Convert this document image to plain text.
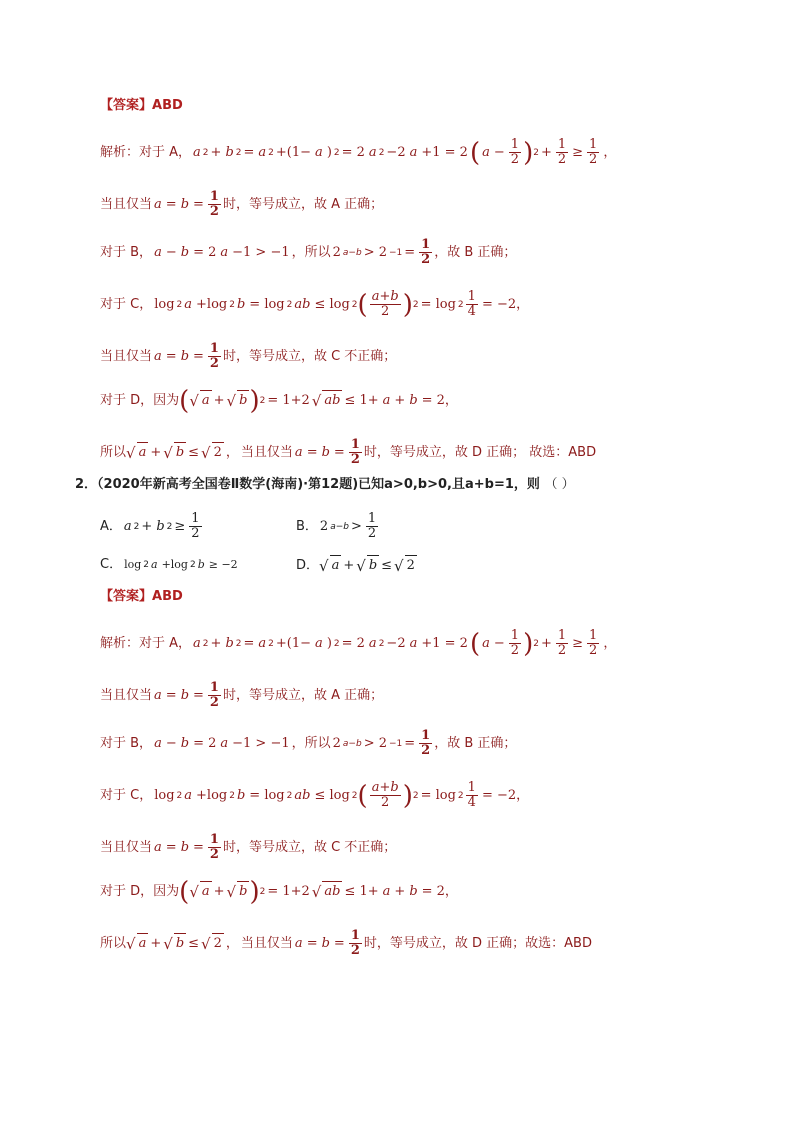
【答案】 ABD
解析：对于 A， a 2 + b 2 = a 2 +(1− a ) 2 = 2 a 2 −2 a +1 = 2 ( $a - \frac{1}{2}$ ) $2 + \frac{1}{2} \ge \frac{1}{2}$ ，
当且仅当 $a = b = \frac{1}{2}$ 时，等号成立，故 A 正确；
对于 B， a − b = 2 a −1 > −1 ，所以 2 $a-b > 2 -1 = \frac{1}{2}$ ，故 B 正确；
对于 C， log 2 a +log 2 b = log 2 ab ≤ log 2 ( $\frac{a+b}{2}$ ) $2 = \log 2 \frac{1}{4} = -2$，
当且仅当 $a = b = \frac{1}{2}$ 时，等号成立，故 C 不正确；
对于 D，因为 ( √ a + √ b ) 2 = 1+2 √ ab ≤ 1+ a + b = 2，
所以 √ a + √ b ≤ √ 2 ， 当且仅当 $a = b = \frac{1}{2}$ 时，等号成立，故 D 正确； 故选：ABD
2．（2020年新高考全国卷Ⅱ数学(海南)·第12题)已知a>0,b>0,且a+b=1，则 （ ）
A． a 2 + b $2 \ge \frac{1}{2}$	B． 2 $a-b > \frac{1}{2}$
C． log 2 a +log 2 b ≥ −2	D． √ a + √ b ≤ √ 2
【答案】 ABD
解析：对于 A， a 2 + b 2 = a 2 +(1− a ) 2 = 2 a 2 −2 a +1 = 2 ( $a - \frac{1}{2}$ ) $2 + \frac{1}{2} \ge \frac{1}{2}$ ，
当且仅当 $a = b = \frac{1}{2}$ 时，等号成立，故 A 正确；
对于 B， a − b = 2 a −1 > −1 ，所以 2 $a-b > 2 -1 = \frac{1}{2}$ ，故 B 正确；
对于 C， log 2 a +log 2 b = log 2 ab ≤ log 2 ( $\frac{a+b}{2}$ ) $2 = \log 2 \frac{1}{4} = -2$，
当且仅当 $a = b = \frac{1}{2}$ 时，等号成立，故 C 不正确；
对于 D，因为 ( √ a + √ b ) 2 = 1+2 √ ab ≤ 1+ a + b = 2，
所以 √ a + √ b ≤ √ 2 ， 当且仅当 $a = b = \frac{1}{2}$ 时，等号成立，故 D 正确；故选：ABD
